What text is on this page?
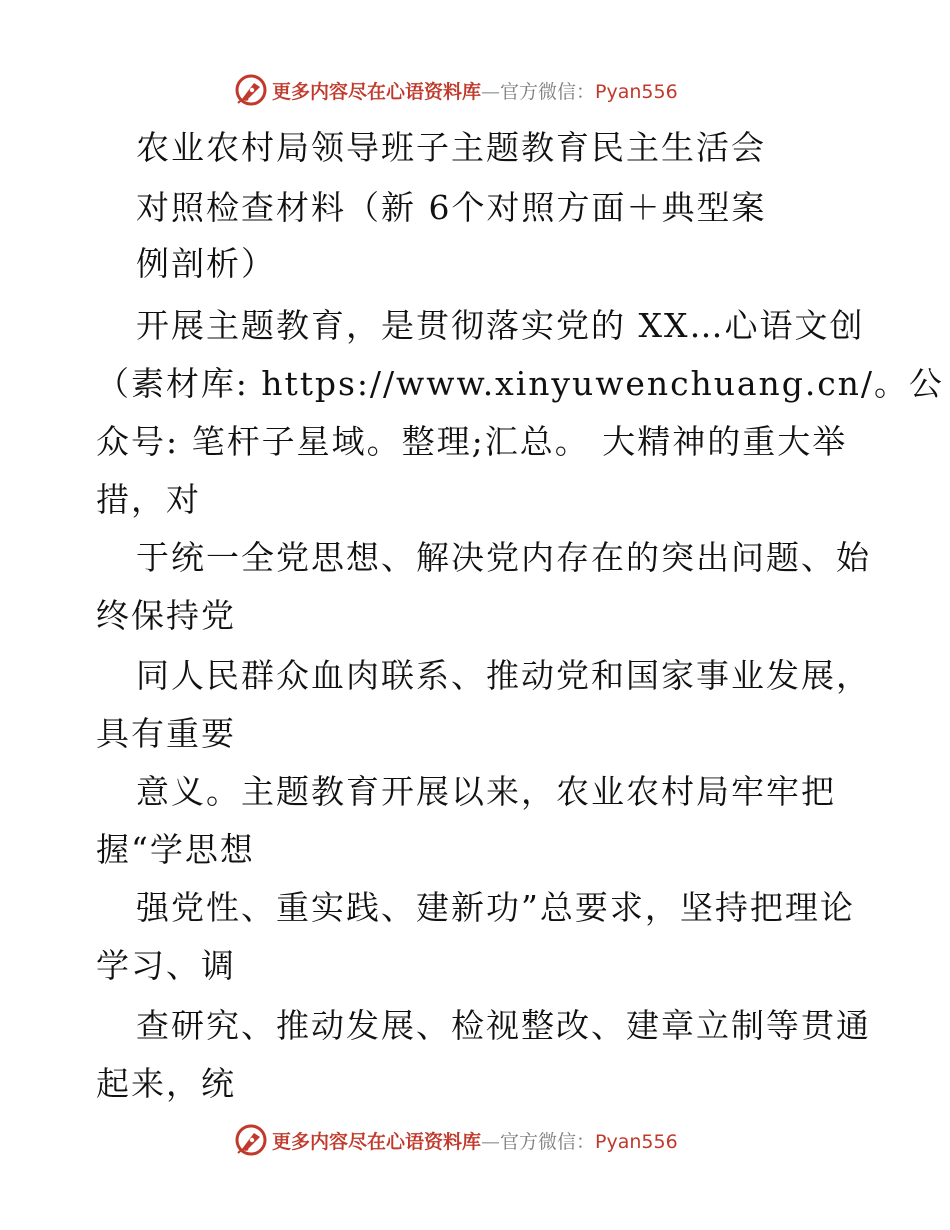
更多内容尽在心语资料库—官方微信：Pyan556
农业农村局领导班子主题教育民主生活会
对照检查材料（新 6个对照方面＋典型案
例剖析）
开展主题教育，是贯彻落实党的 XX…心语文创
（素材库: https://www.xinyuwenchuang.cn/。公
众号: 笔杆子星域。整理;汇总。 大精神的重大举
措，对
于统一全党思想、解决党内存在的突出问题、始
终保持党
同人民群众血肉联系、推动党和国家事业发展，
具有重要
意义。主题教育开展以来，农业农村局牢牢把
握“学思想
强党性、重实践、建新功”总要求，坚持把理论
学习、调
查研究、推动发展、检视整改、建章立制等贯通
起来，统
更多内容尽在心语资料库—官方微信：Pyan556
